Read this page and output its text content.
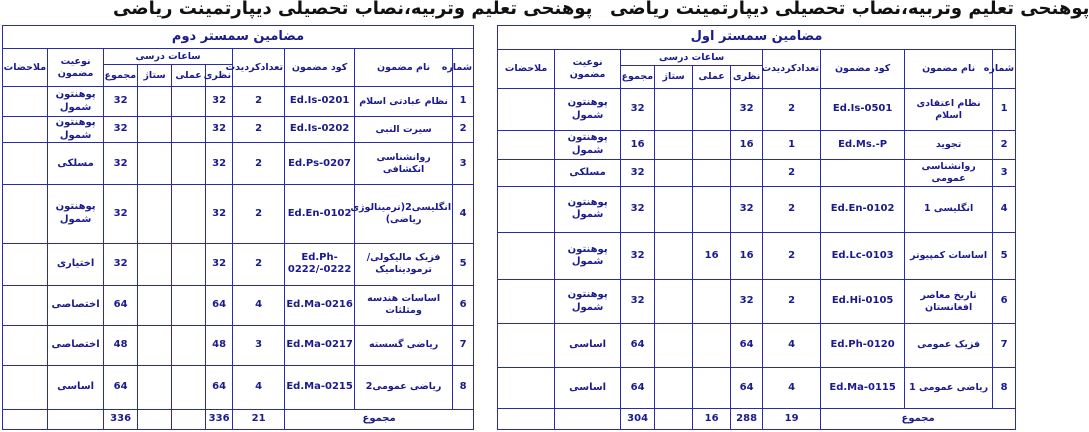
پوهنحی تعلیم وتربیه،نصاب تحصیلی دیپارتمینت ریاضی پوهنحی تعلیم وتربیه،نصاب تحصیلی دیپارتمینت ریاضی
مضامین سمستر دوم									
شماره	نام مضمون	کود مضمون	تعدادکردیدت	ساعات درسی				نوعیت مضمون	ملاحضات
				نظری	عملی	ستاژ	مجموع		
1	نظام عبادتی اسلام	Ed.Is-0201	2	32			32	پوهنتون شمول	
2	سیرت النبی	Ed.Is-0202	2	32			32	پوهنتون شمول	
3	روانشناسی انکشافی	Ed.Ps-0207	2	32			32	مسلکی	
4	انگلیسی2(ترمینالوژی ریاضی)	Ed.En-0102	2	32			32	پوهنتون شمول	
5	فزیک مالیکولی/ ترمودینامیک	Ed.Ph-0222/-0222	2	32			32	اختیاری	
6	اساسات هندسه ومثلثات	Ed.Ma-0216	4	64			64	اختصاصی	
7	ریاضی گسسته	Ed.Ma-0217	3	48			48	اختصاصی	
8	ریاضی عمومی2	Ed.Ma-0215	4	64			64	اساسی	
مجموع			21	336			336		
مضامین سمستر اول									
شماره	نام مضمون	کود مضمون	تعدادکردیدت	ساعات درسی				نوعیت مضمون	ملاحضات
				نظری	عملی	ستاژ	مجموع		
1	نظام اعتقادی اسلام	Ed.Is-0501	2	32			32	پوهنتون شمول	
2	تجوید	Ed.Ms.-P	1	16			16	پوهنتون شمول	
3	روانشناسی عمومی		2				32	مسلکی	
4	انگلیسی 1	Ed.En-0102	2	32			32	پوهنتون شمول	
5	اساسات کمپیوتر	Ed.Lc-0103	2	16	16		32	پوهنتون شمول	
6	تاریخ معاصر افغانستان	Ed.Hi-0105	2	32			32	پوهنتون شمول	
7	فزیک عمومی	Ed.Ph-0120	4	64			64	اساسی	
8	ریاضی عمومی 1	Ed.Ma-0115	4	64			64	اساسی	
مجموع			19	288	16		304		
